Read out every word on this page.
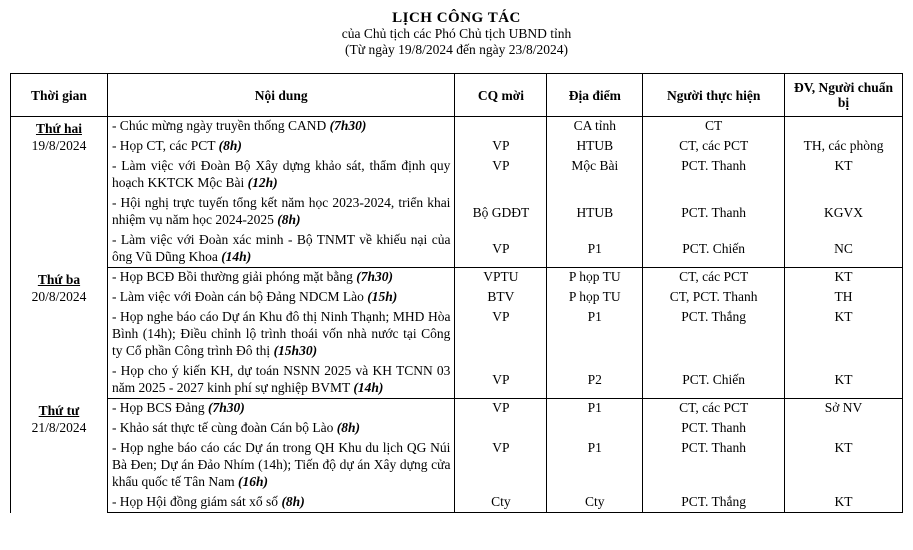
LỊCH CÔNG TÁC
của Chủ tịch các Phó Chủ tịch UBND tỉnh
(Từ ngày 19/8/2024 đến ngày 23/8/2024)
Thời gian	Nội dung	CQ mời	Địa điểm	Người thực hiện	ĐV, Người chuẩn bị

Thứ hai
19/8/2024	- Chúc mừng ngày truyền thống CAND (7h30)		CA tỉnh	CT	
	- Họp CT, các PCT (8h)	VP	HTUB	CT, các PCT	TH, các phòng
	- Làm việc với Đoàn Bộ Xây dựng khảo sát, thẩm định quy hoạch KKTCK Mộc Bài (12h)	VP	Mộc Bài	PCT. Thanh	KT
	- Hội nghị trực tuyến tổng kết năm học 2023-2024, triển khai nhiệm vụ năm học 2024-2025 (8h)	Bộ GDĐT	HTUB	PCT. Thanh	KGVX
	- Làm việc với Đoàn xác minh - Bộ TNMT về khiếu nại của ông Vũ Dũng Khoa (14h)	VP	P1	PCT. Chiến	NC

Thứ ba
20/8/2024	- Họp BCĐ Bồi thường giải phóng mặt bằng (7h30)	VPTU	P họp TU	CT, các PCT	KT
	- Làm việc với Đoàn cán bộ Đảng NDCM Lào (15h)	BTV	P họp TU	CT, PCT. Thanh	TH
	- Họp nghe báo cáo Dự án Khu đô thị Ninh Thạnh; MHD Hòa Bình (14h); Điều chỉnh lộ trình thoái vốn nhà nước tại Công ty Cổ phần Công trình Đô thị (15h30)	VP	P1	PCT. Thắng	KT
	- Họp cho ý kiến KH, dự toán NSNN 2025 và KH TCNN 03 năm 2025 - 2027 kinh phí sự nghiệp BVMT (14h)	VP	P2	PCT. Chiến	KT

Thứ tư
21/8/2024	- Họp BCS Đảng (7h30)	VP	P1	CT, các PCT	Sở NV
	- Khảo sát thực tế cùng đoàn Cán bộ Lào (8h)			PCT. Thanh	
	- Họp nghe báo cáo các Dự án trong QH Khu du lịch QG Núi Bà Đen; Dự án Đảo Nhím (14h); Tiến độ dự án Xây dựng cửa khẩu quốc tế Tân Nam (16h)	VP	P1	PCT. Thanh	KT
	- Họp Hội đồng giám sát xổ số (8h)	Cty	Cty	PCT. Thắng	KT
